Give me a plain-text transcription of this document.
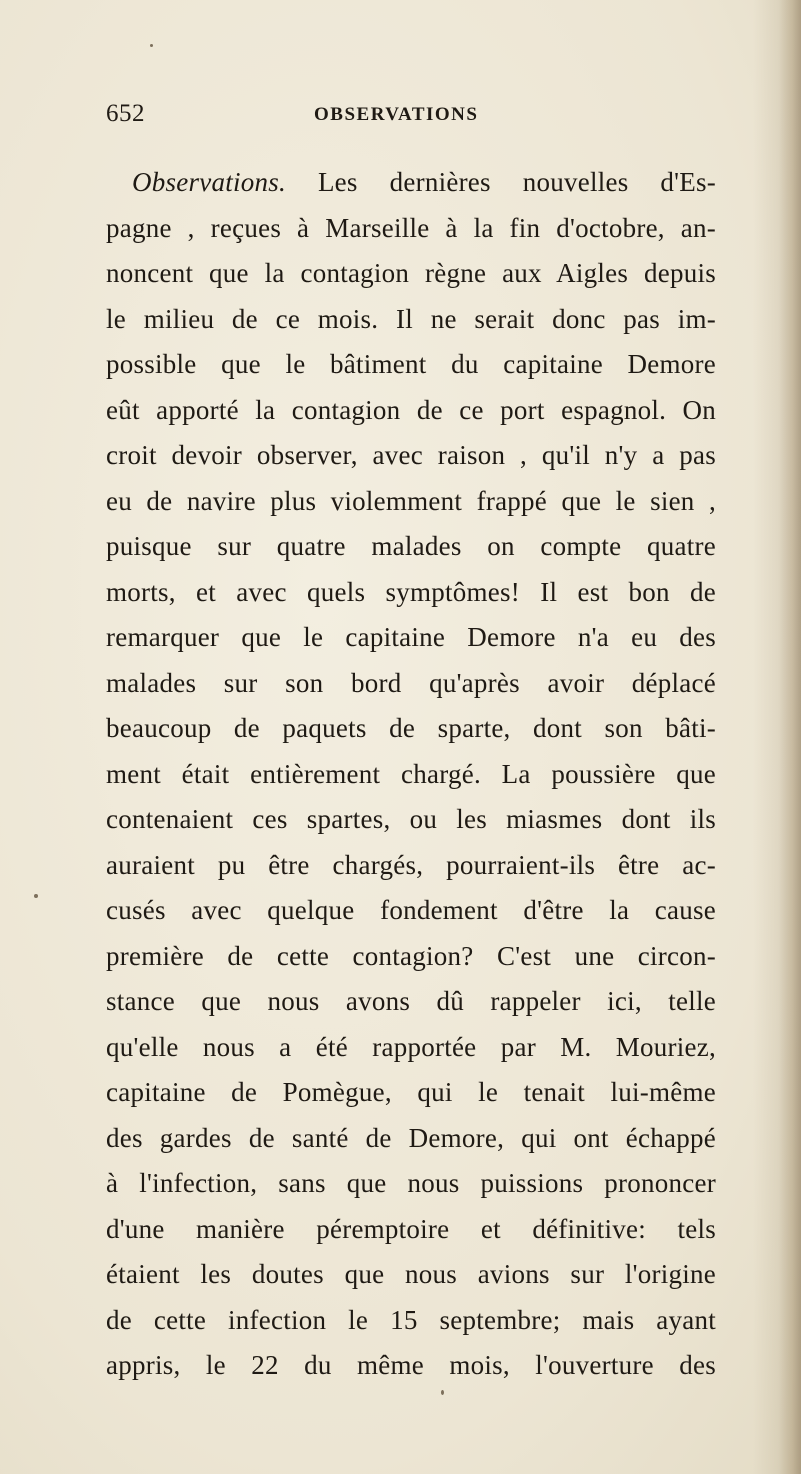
652	OBSERVATIONS
Observations. Les dernières nouvelles d'Es-
pagne , reçues à Marseille à la fin d'octobre, an-
noncent que la contagion règne aux Aigles depuis
le milieu de ce mois. Il ne serait donc pas im-
possible que le bâtiment du capitaine Demore
eût apporté la contagion de ce port espagnol. On
croit devoir observer, avec raison , qu'il n'y a pas
eu de navire plus violemment frappé que le sien ,
puisque sur quatre malades on compte quatre
morts, et avec quels symptômes! Il est bon de
remarquer que le capitaine Demore n'a eu des
malades sur son bord qu'après avoir déplacé
beaucoup de paquets de sparte, dont son bâti-
ment était entièrement chargé. La poussière que
contenaient ces spartes, ou les miasmes dont ils
auraient pu être chargés, pourraient-ils être ac-
cusés avec quelque fondement d'être la cause
première de cette contagion? C'est une circon-
stance que nous avons dû rappeler ici, telle
qu'elle nous a été rapportée par M. Mouriez,
capitaine de Pomègue, qui le tenait lui-même
des gardes de santé de Demore, qui ont échappé
à l'infection, sans que nous puissions prononcer
d'une manière péremptoire et définitive: tels
étaient les doutes que nous avions sur l'origine
de cette infection le 15 septembre; mais ayant
appris, le 22 du même mois, l'ouverture des
